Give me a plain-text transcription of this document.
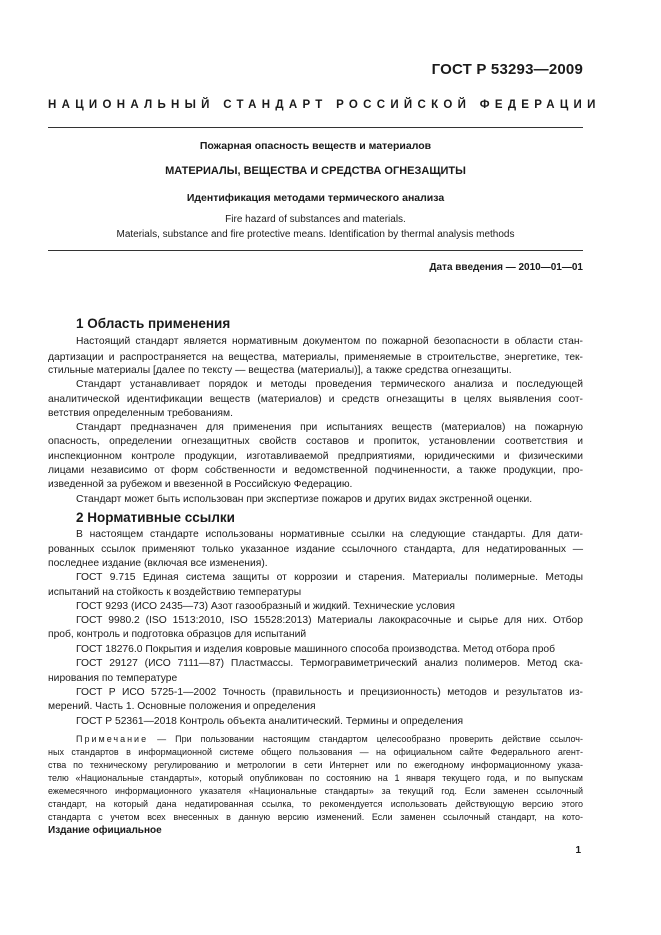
ГОСТ Р 53293—2009
НАЦИОНАЛЬНЫЙ СТАНДАРТ РОССИЙСКОЙ ФЕДЕРАЦИИ
Пожарная опасность веществ и материалов
МАТЕРИАЛЫ, ВЕЩЕСТВА И СРЕДСТВА ОГНЕЗАЩИТЫ
Идентификация методами термического анализа
Fire hazard of substances and materials.
Materials, substance and fire protective means. Identification by thermal analysis methods
Дата введения — 2010—01—01
1 Область применения
Настоящий стандарт является нормативным документом по пожарной безопасности в области стан-
дартизации и распространяется на вещества, материалы, применяемые в строительстве, энергетике, тек-
стильные материалы [далее по тексту — вещества (материалы)], а также средства огнезащиты.
Стандарт устанавливает порядок и методы проведения термического анализа и последующей
аналитической идентификации веществ (материалов) и средств огнезащиты в целях выявления соот-
ветствия определенным требованиям.
Стандарт предназначен для применения при испытаниях веществ (материалов) на пожарную
опасность, определении огнезащитных свойств составов и пропиток, установлении соответствия и
инспекционном контроле продукции, изготавливаемой предприятиями, юридическими и физическими
лицами независимо от форм собственности и ведомственной подчиненности, а также продукции, про-
изведенной за рубежом и ввезенной в Российскую Федерацию.
Стандарт может быть использован при экспертизе пожаров и других видах экстренной оценки.
2 Нормативные ссылки
В настоящем стандарте использованы нормативные ссылки на следующие стандарты. Для дати-
рованных ссылок применяют только указанное издание ссылочного стандарта, для недатированных —
последнее издание (включая все изменения).
ГОСТ 9.715 Единая система защиты от коррозии и старения. Материалы полимерные. Методы
испытаний на стойкость к воздействию температуры
ГОСТ 9293 (ИСО 2435—73) Азот газообразный и жидкий. Технические условия
ГОСТ 9980.2 (ISO 1513:2010, ISO 15528:2013) Материалы лакокрасочные и сырье для них. Отбор
проб, контроль и подготовка образцов для испытаний
ГОСТ 18276.0 Покрытия и изделия ковровые машинного способа производства. Метод отбора проб
ГОСТ 29127 (ИСО 7111—87) Пластмассы. Термогравиметрический анализ полимеров. Метод ска-
нирования по температуре
ГОСТ Р ИСО 5725-1—2002 Точность (правильность и прецизионность) методов и результатов из-
мерений. Часть 1. Основные положения и определения
ГОСТ Р 52361—2018 Контроль объекта аналитический. Термины и определения
Примечание — При пользовании настоящим стандартом целесообразно проверить действие ссылоч-
ных стандартов в информационной системе общего пользования — на официальном сайте Федерального агент-
ства по техническому регулированию и метрологии в сети Интернет или по ежегодному информационному указа-
телю «Национальные стандарты», который опубликован по состоянию на 1 января текущего года, и по выпускам
ежемесячного информационного указателя «Национальные стандарты» за текущий год. Если заменен ссылочный
стандарт, на который дана недатированная ссылка, то рекомендуется использовать действующую версию этого
стандарта с учетом всех внесенных в данную версию изменений. Если заменен ссылочный стандарт, на кото-
Издание официальное
1
